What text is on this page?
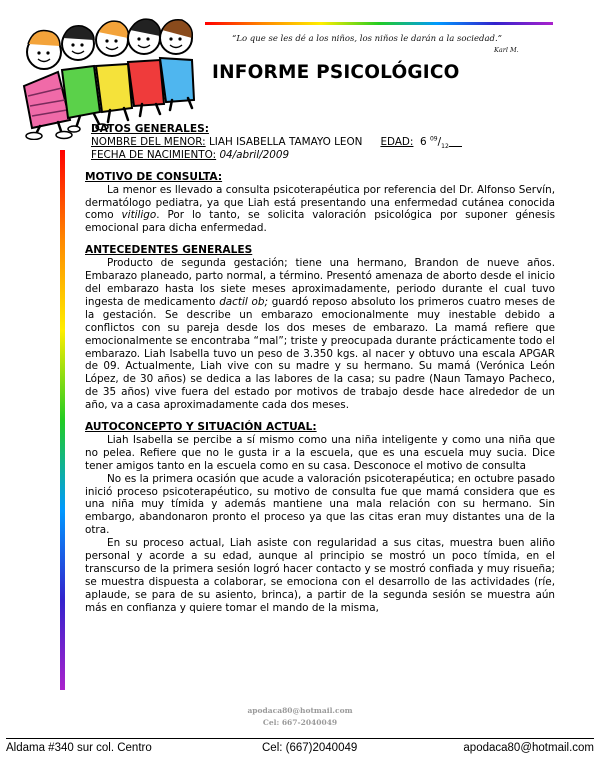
“Lo que se les dé a los niños, los niños le darán a la sociedad.”
Karl M.
INFORME PSICOLÓGICO

DATOS GENERALES:

NOMBRE DEL MENOR: LIAH ISABELLA TAMAYO LEON EDAD: 6 $^{09}/_{12}$

FECHA DE NACIMIENTO: 04/abril/2009

MOTIVO DE CONSULTA:

La menor es llevado a consulta psicoterapéutica por referencia del Dr. Alfonso Servín, dermatólogo pediatra, ya que Liah está presentando una enfermedad cutánea conocida como vitiligo. Por lo tanto, se solicita valoración psicológica por suponer génesis emocional para dicha enfermedad.

ANTECEDENTES GENERALES

Producto de segunda gestación; tiene una hermano, Brandon de nueve años. Embarazo planeado, parto normal, a término. Presentó amenaza de aborto desde el inicio del embarazo hasta los siete meses aproximadamente, periodo durante el cual tuvo ingesta de medicamento dactil ob; guardó reposo absoluto los primeros cuatro meses de la gestación. Se describe un embarazo emocionalmente muy inestable debido a conflictos con su pareja desde los dos meses de embarazo. La mamá refiere que emocionalmente se encontraba “mal”; triste y preocupada durante prácticamente todo el embarazo. Liah Isabella tuvo un peso de 3.350 kgs. al nacer y obtuvo una escala APGAR de 09. Actualmente, Liah vive con su madre y su hermano. Su mamá (Verónica León López, de 30 años) se dedica a las labores de la casa; su padre (Naun Tamayo Pacheco, de 35 años) vive fuera del estado por motivos de trabajo desde hace alrededor de un año, va a casa aproximadamente cada dos meses.

AUTOCONCEPTO Y SITUACIÓN ACTUAL:

Liah Isabella se percibe a sí mismo como una niña inteligente y como una niña que no pelea. Refiere que no le gusta ir a la escuela, que es una escuela muy sucia. Dice tener amigos tanto en la escuela como en su casa. Desconoce el motivo de consulta

No es la primera ocasión que acude a valoración psicoterapéutica; en octubre pasado inició proceso psicoterapéutico, su motivo de consulta fue que mamá considera que es una niña muy tímida y además mantiene una mala relación con su hermano. Sin embargo, abandonaron pronto el proceso ya que las citas eran muy distantes una de la otra.

En su proceso actual, Liah asiste con regularidad a sus citas, muestra buen aliño personal y acorde a su edad, aunque al principio se mostró un poco tímida, en el transcurso de la primera sesión logró hacer contacto y se mostró confiada y muy risueña; se muestra dispuesta a colaborar, se emociona con el desarrollo de las actividades (ríe, aplaude, se para de su asiento, brinca), a partir de la segunda sesión se muestra aún más en confianza y quiere tomar el mando de la misma,

apodaca80@hotmail.com
Cel: 667-2040049
Aldama #340 sur col. Centro	Cel: (667)2040049	apodaca80@hotmail.com
